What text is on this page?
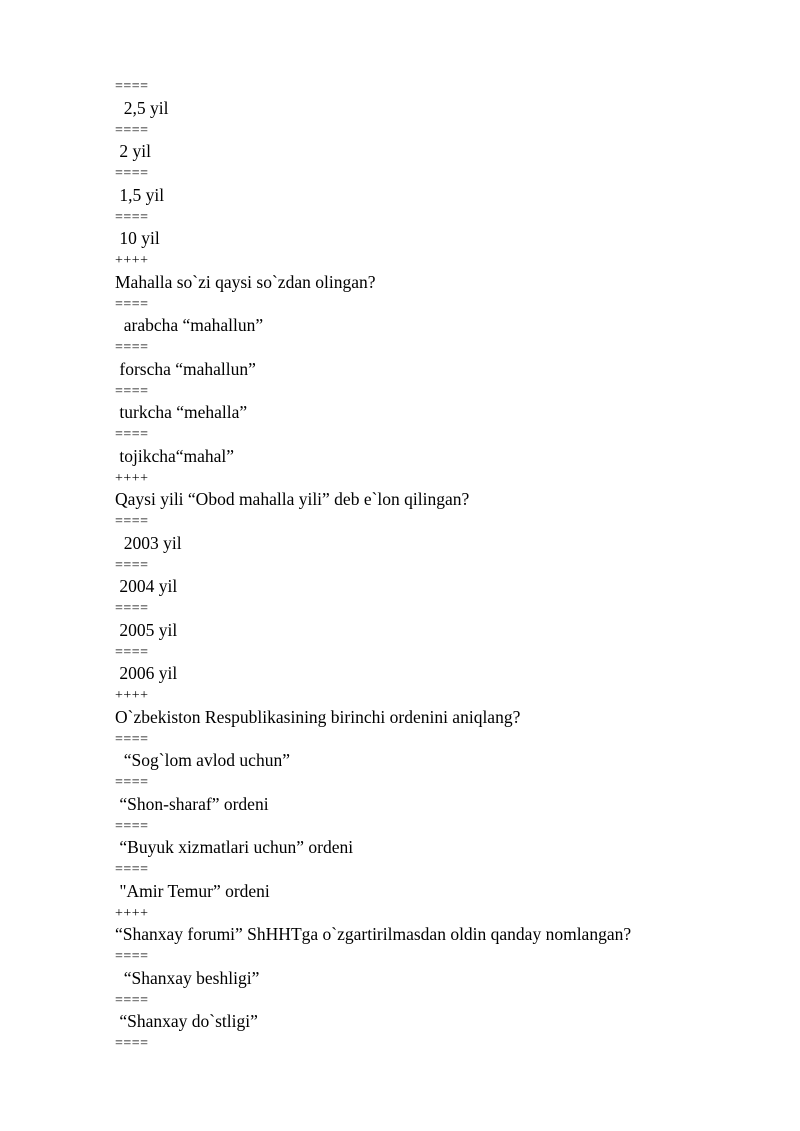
====
2,5 yil
====
2 yil
====
1,5 yil
====
10 yil
++++
Mahalla so`zi qaysi so`zdan olingan?
====
arabcha “mahallun”
====
forscha “mahallun”
====
turkcha “mehalla”
====
tojikcha“mahal”
++++
Qaysi yili “Obod mahalla yili” deb e`lon qilingan?
====
2003 yil
====
2004 yil
====
2005 yil
====
2006 yil
++++
O`zbekiston Respublikasining birinchi ordenini aniqlang?
====
“Sog`lom avlod uchun”
====
“Shon-sharaf” ordeni
====
“Buyuk xizmatlari uchun” ordeni
====
"Amir Temur” ordeni
++++
“Shanxay forumi” ShHHTga o`zgartirilmasdan oldin qanday nomlangan?
====
“Shanxay beshligi”
====
“Shanxay do`stligi”
====
